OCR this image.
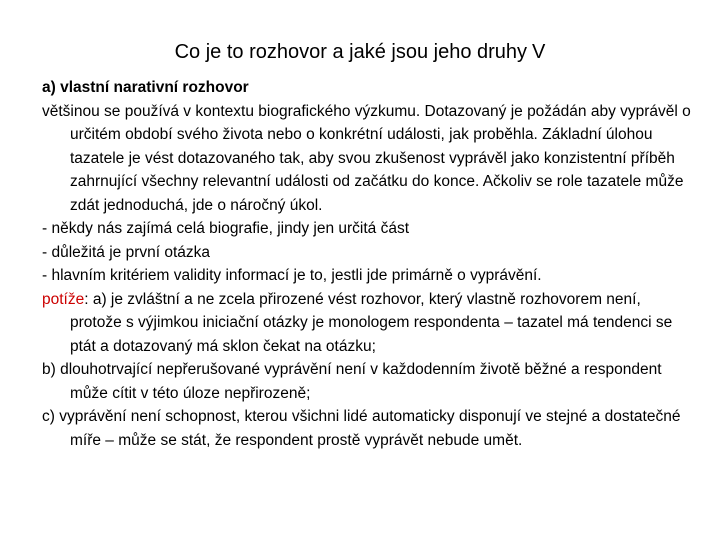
Co je to rozhovor a jaké jsou jeho druhy V

a) vlastní narativní rozhovor

většinou se používá v kontextu biografického výzkumu. Dotazovaný je požádán aby vyprávěl o určitém období svého života nebo o konkrétní události, jak proběhla. Základní úlohou tazatele je vést dotazovaného tak, aby svou zkušenost vyprávěl jako konzistentní příběh zahrnující všechny relevantní události od začátku do konce. Ačkoliv se role tazatele může zdát jednoduchá, jde o náročný úkol.

- někdy nás zajímá celá biografie, jindy jen určitá část

- důležitá je první otázka

- hlavním kritériem validity informací je to, jestli jde primárně o vyprávění.

potíže: a) je zvláštní a ne zcela přirozené vést rozhovor, který vlastně rozhovorem není, protože s výjimkou iniciační otázky je monologem respondenta – tazatel má tendenci se ptát a dotazovaný má sklon čekat na otázku;

b) dlouhotrvající nepřerušované vyprávění není v každodenním životě běžné a respondent může cítit v této úloze nepřirozeně;

c) vyprávění není schopnost, kterou všichni lidé automaticky disponují ve stejné a dostatečné míře – může se stát, že respondent prostě vyprávět nebude umět.
